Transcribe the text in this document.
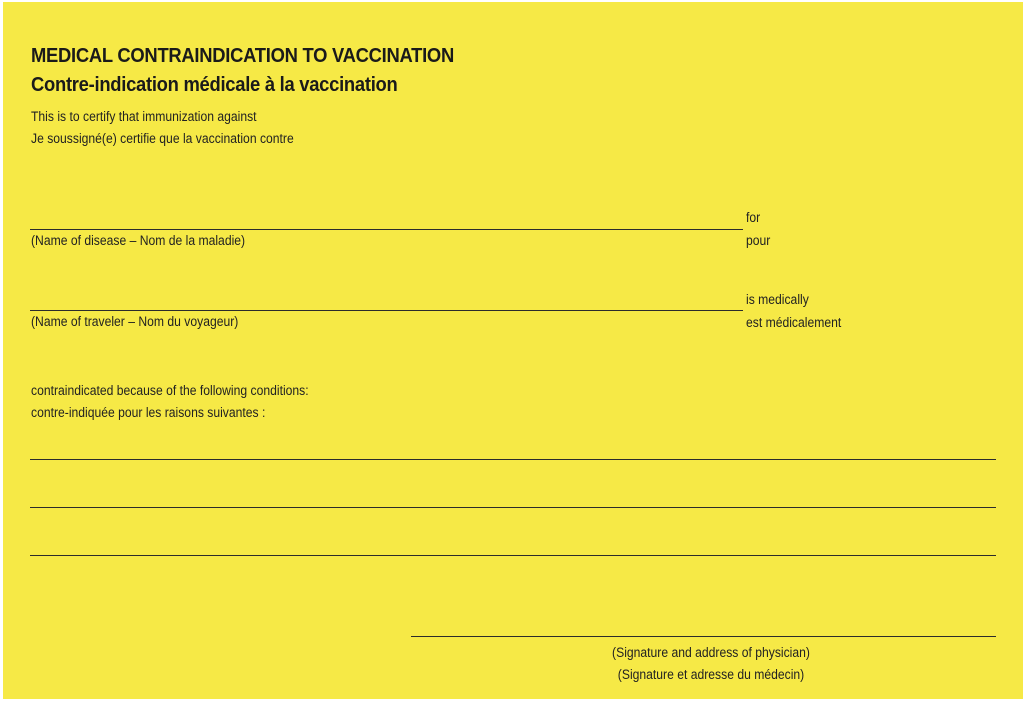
MEDICAL CONTRAINDICATION TO VACCINATION
Contre-indication médicale à la vaccination
This is to certify that immunization against
Je soussigné(e) certifie que la vaccination contre
(Name of disease – Nom de la maladie)
for
pour
(Name of traveler – Nom du voyageur)
is medically
est médicalement
contraindicated because of the following conditions:
contre-indiquée pour les raisons suivantes :
(Signature and address of physician)
(Signature et adresse du médecin)
